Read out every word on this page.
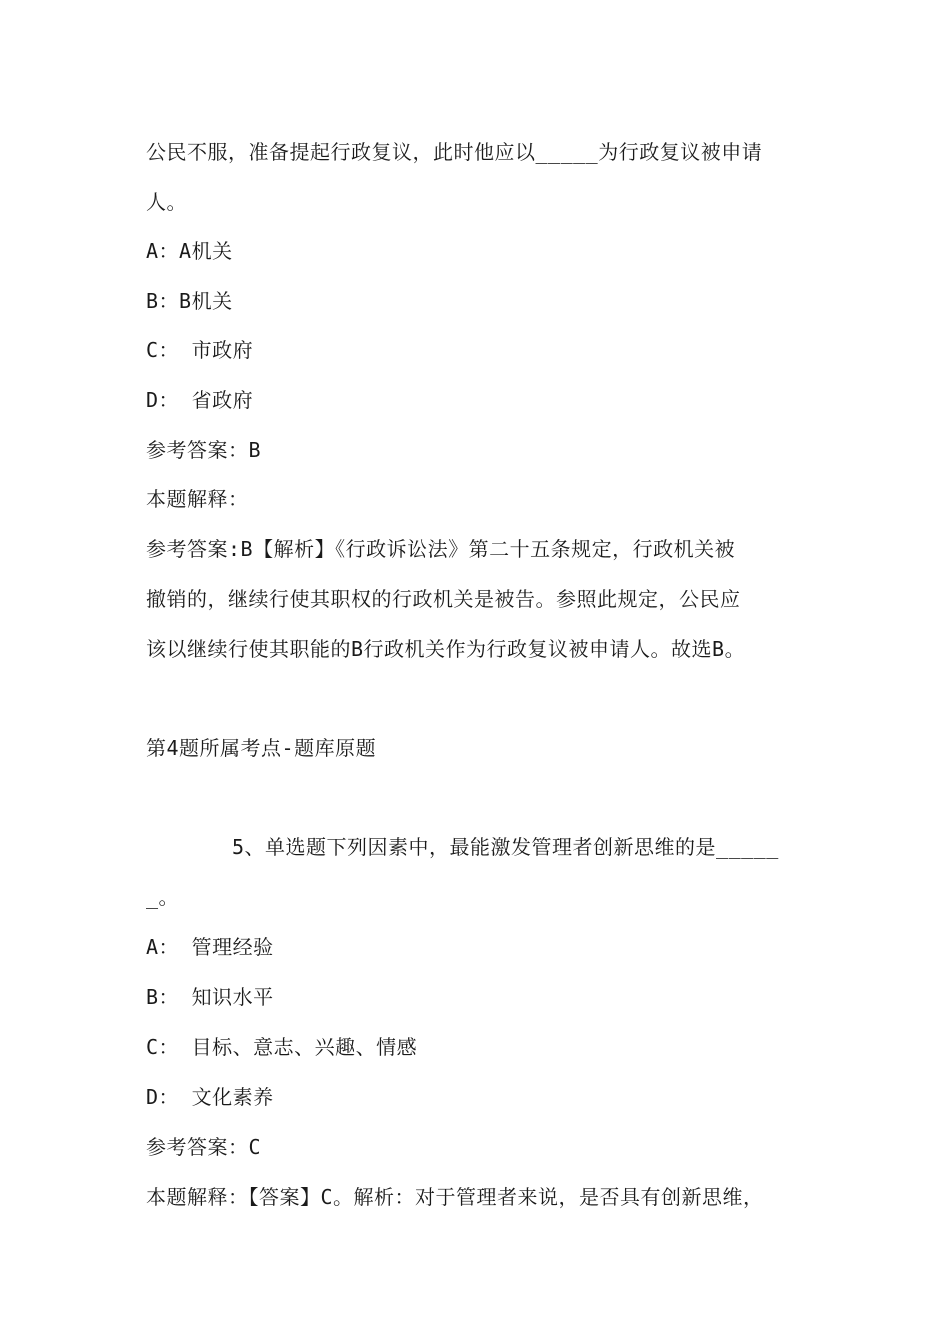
公民不服，准备提起行政复议，此时他应以_____为行政复议被申请
人。
A：A机关
B：B机关
C： 市政府
D： 省政府
参考答案：B
本题解释：
参考答案:B【解析】《行政诉讼法》第二十五条规定，行政机关被
撤销的，继续行使其职权的行政机关是被告。参照此规定，公民应
该以继续行使其职能的B行政机关作为行政复议被申请人。故选B。
第4题所属考点-题库原题
5、单选题下列因素中，最能激发管理者创新思维的是_____
_。
A： 管理经验
B： 知识水平
C： 目标、意志、兴趣、情感
D： 文化素养
参考答案：C
本题解释：【答案】C。解析：对于管理者来说，是否具有创新思维，
